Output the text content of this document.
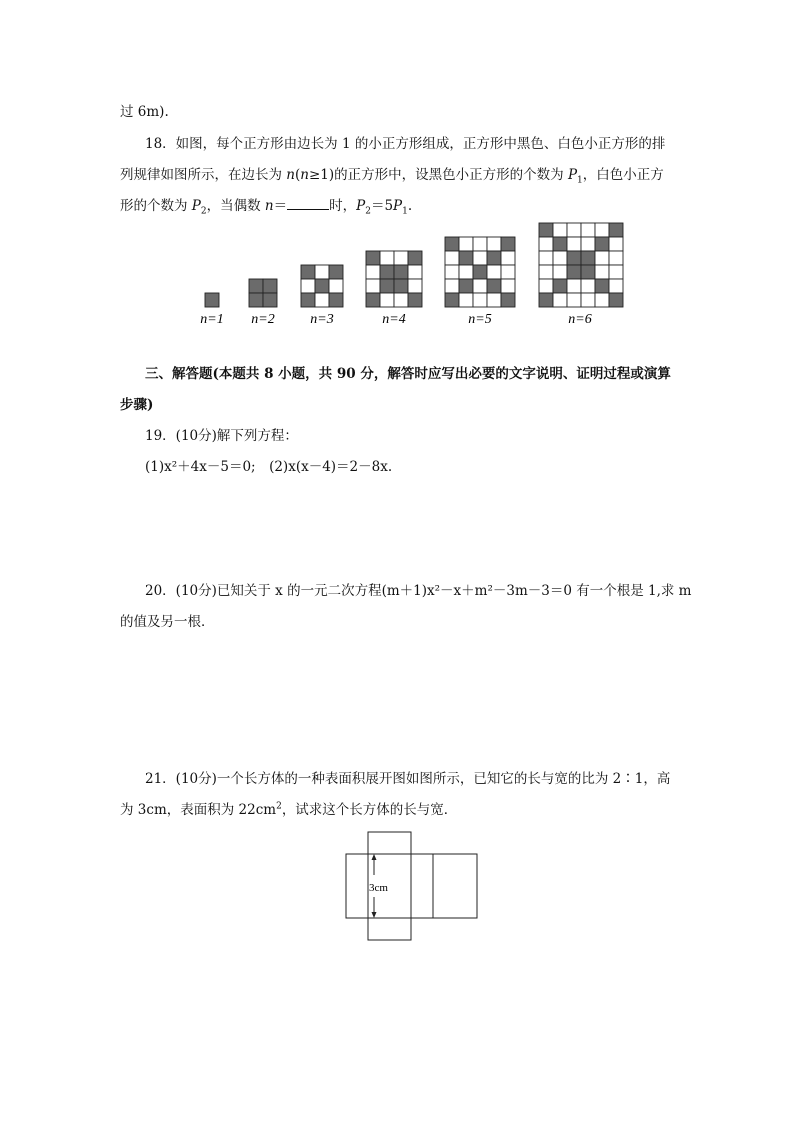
过 6m).
18．如图，每个正方形由边长为 1 的小正方形组成，正方形中黑色、白色小正方形的排
列规律如图所示，在边长为 n(n≥1)的正方形中，设黑色小正方形的个数为 $P_1$，白色小正方
形的个数为 $P_2$，当偶数 n＝	时，$P_2=5P_1$.
n=1 n=2	n=3	n=4	n=5	n=6
三、解答题(本题共 8 小题，共 90 分，解答时应写出必要的文字说明、证明过程或演算
步骤)
19．(10分)解下列方程：
(1)x²＋4x－5＝0;　(2)x(x－4)＝2－8x.
20．(10分)已知关于 x 的一元二次方程(m＋1)x²－x＋m²－3m－3＝0 有一个根是 1,求 m
的值及另一根．
21．(10分)一个长方体的一种表面积展开图如图所示，已知它的长与宽的比为 2∶1，高
为 3cm，表面积为 $22cm^2$，试求这个长方体的长与宽．
3cm
